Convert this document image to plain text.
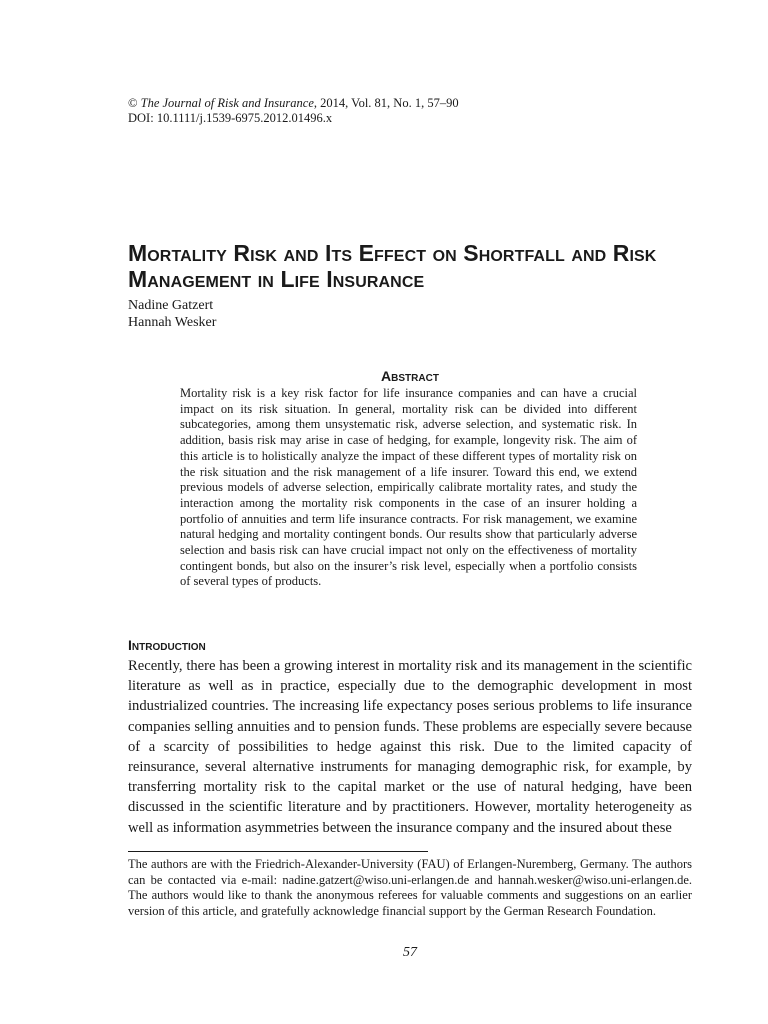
© The Journal of Risk and Insurance, 2014, Vol. 81, No. 1, 57–90
DOI: 10.1111/j.1539-6975.2012.01496.x
Mortality Risk and Its Effect on Shortfall and Risk Management in Life Insurance
Nadine Gatzert
Hannah Wesker
Abstract

Mortality risk is a key risk factor for life insurance companies and can have a crucial impact on its risk situation. In general, mortality risk can be divided into different subcategories, among them unsystematic risk, adverse selection, and systematic risk. In addition, basis risk may arise in case of hedging, for example, longevity risk. The aim of this article is to holistically analyze the impact of these different types of mortality risk on the risk situation and the risk management of a life insurer. Toward this end, we extend previous models of adverse selection, empirically calibrate mortality rates, and study the interaction among the mortality risk components in the case of an insurer holding a portfolio of annuities and term life insurance contracts. For risk management, we examine natural hedging and mortality contingent bonds. Our results show that particularly adverse selection and basis risk can have crucial impact not only on the effectiveness of mortality contingent bonds, but also on the insurer’s risk level, especially when a portfolio consists of several types of products.

Introduction

Recently, there has been a growing interest in mortality risk and its management in the scientific literature as well as in practice, especially due to the demographic development in most industrialized countries. The increasing life expectancy poses serious problems to life insurance companies selling annuities and to pension funds. These problems are especially severe because of a scarcity of possibilities to hedge against this risk. Due to the limited capacity of reinsurance, several alternative instruments for managing demographic risk, for example, by transferring mortality risk to the capital market or the use of natural hedging, have been discussed in the scientific literature and by practitioners. However, mortality heterogeneity as well as information asymmetries between the insurance company and the insured about these

The authors are with the Friedrich-Alexander-University (FAU) of Erlangen-Nuremberg, Germany. The authors can be contacted via e-mail: nadine.gatzert@wiso.uni-erlangen.de and hannah.wesker@wiso.uni-erlangen.de. The authors would like to thank the anonymous referees for valuable comments and suggestions on an earlier version of this article, and gratefully acknowledge financial support by the German Research Foundation.

57
